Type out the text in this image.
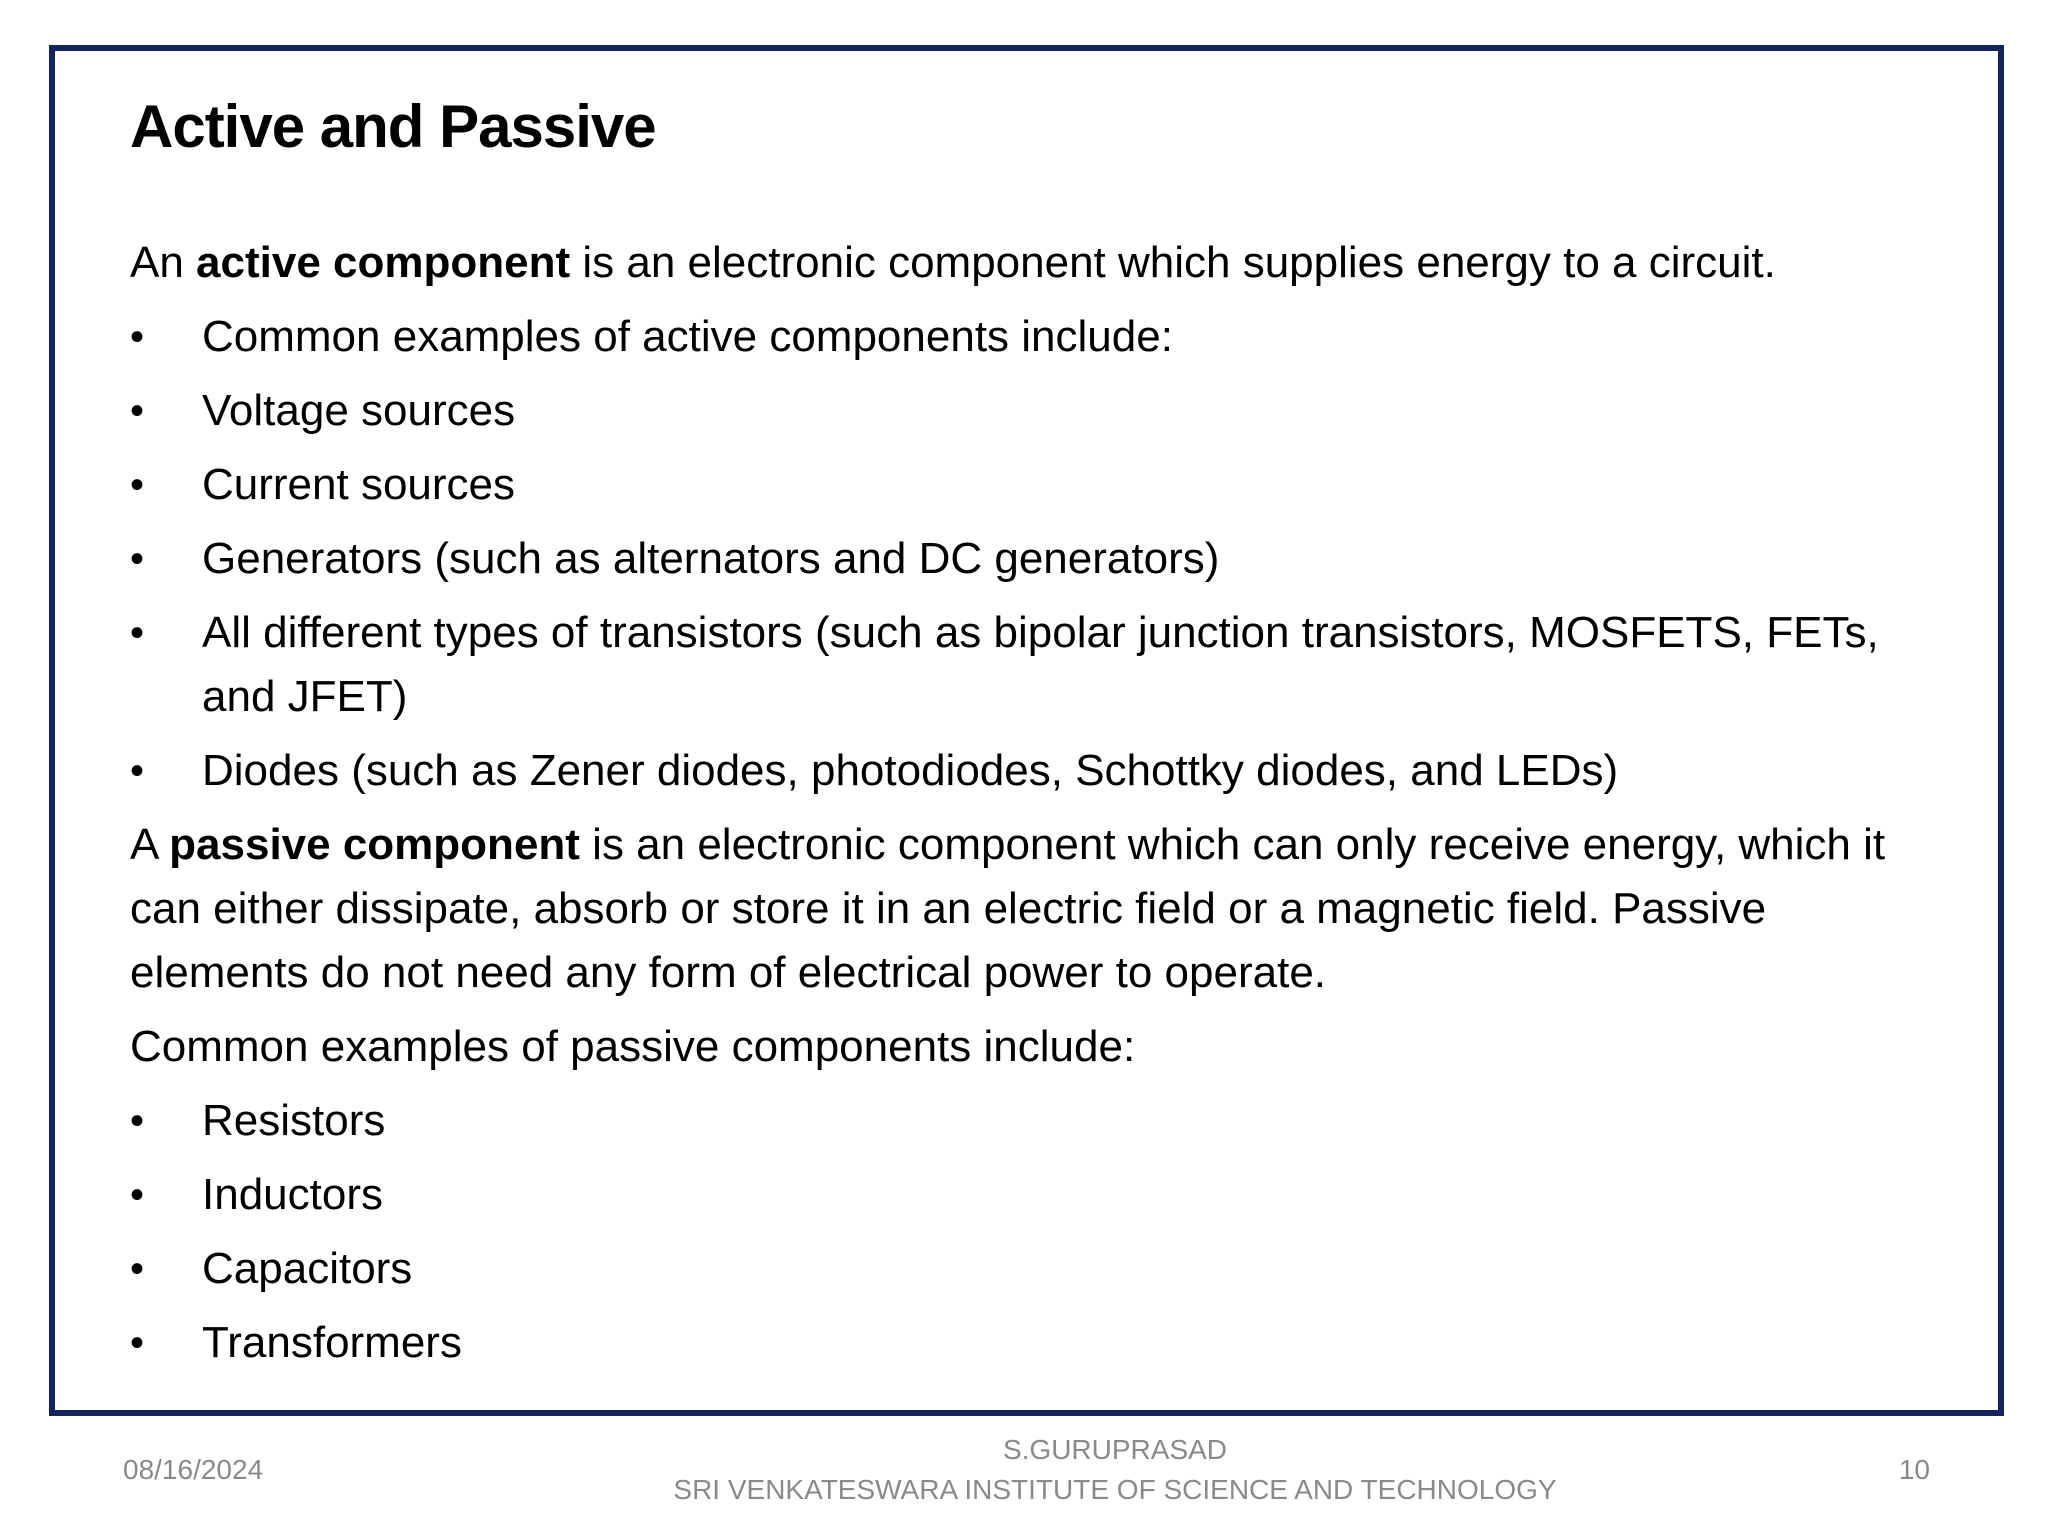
Active and Passive

An active component is an electronic component which supplies energy to a circuit.

• Common examples of active components include:
• Voltage sources
• Current sources
• Generators (such as alternators and DC generators)
• All different types of transistors (such as bipolar junction transistors, MOSFETS, FETs, and JFET)
• Diodes (such as Zener diodes, photodiodes, Schottky diodes, and LEDs)

A passive component is an electronic component which can only receive energy, which it can either dissipate, absorb or store it in an electric field or a magnetic field. Passive elements do not need any form of electrical power to operate.

Common examples of passive components include:

• Resistors
• Inductors
• Capacitors
• Transformers
08/16/2024
S.GURUPRASAD
SRI VENKATESWARA INSTITUTE OF SCIENCE AND TECHNOLOGY
10
